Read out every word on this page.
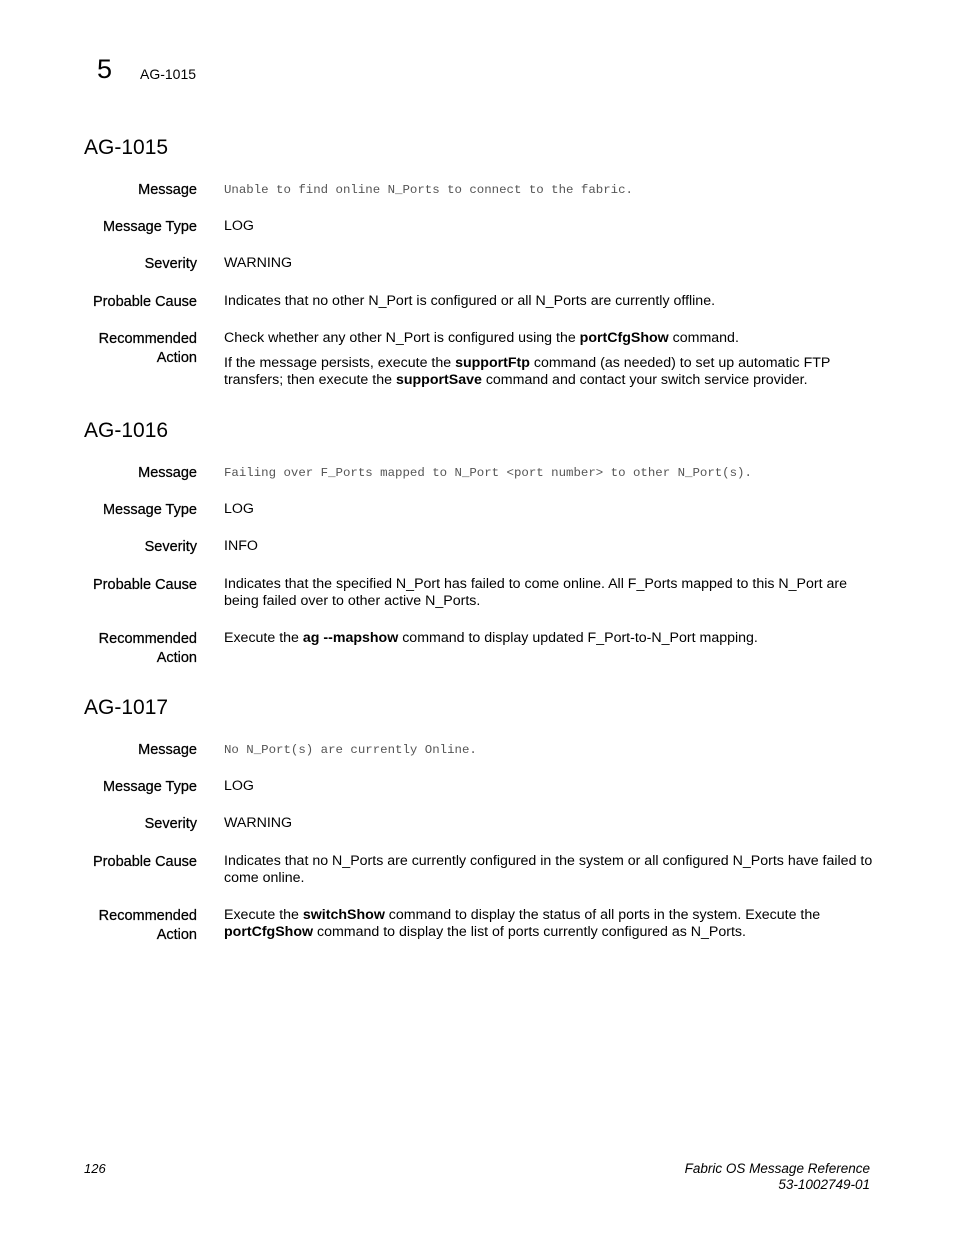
5 AG-1015
AG-1015
Message Unable to find online N_Ports to connect to the fabric.
Message Type LOG
Severity WARNING
Probable Cause Indicates that no other N_Port is configured or all N_Ports are currently offline.
Recommended
Action

Check whether any other N_Port is configured using the portCfgShow command.

If the message persists, execute the supportFtp command (as needed) to set up automatic FTP transfers; then execute the supportSave command and contact your switch service provider.

AG-1016
Message Failing over F_Ports mapped to N_Port <port number> to other N_Port(s).
Message Type LOG
Severity INFO
Probable Cause Indicates that the specified N_Port has failed to come online. All F_Ports mapped to this N_Port are being failed over to other active N_Ports.
Recommended
Action

Execute the ag --mapshow command to display updated F_Port-to-N_Port mapping.

AG-1017
Message No N_Port(s) are currently Online.
Message Type LOG
Severity WARNING
Probable Cause Indicates that no N_Ports are currently configured in the system or all configured N_Ports have failed to come online.
Recommended
Action

Execute the switchShow command to display the status of all ports in the system. Execute the portCfgShow command to display the list of ports currently configured as N_Ports.

126	Fabric OS Message Reference
53-1002749-01
